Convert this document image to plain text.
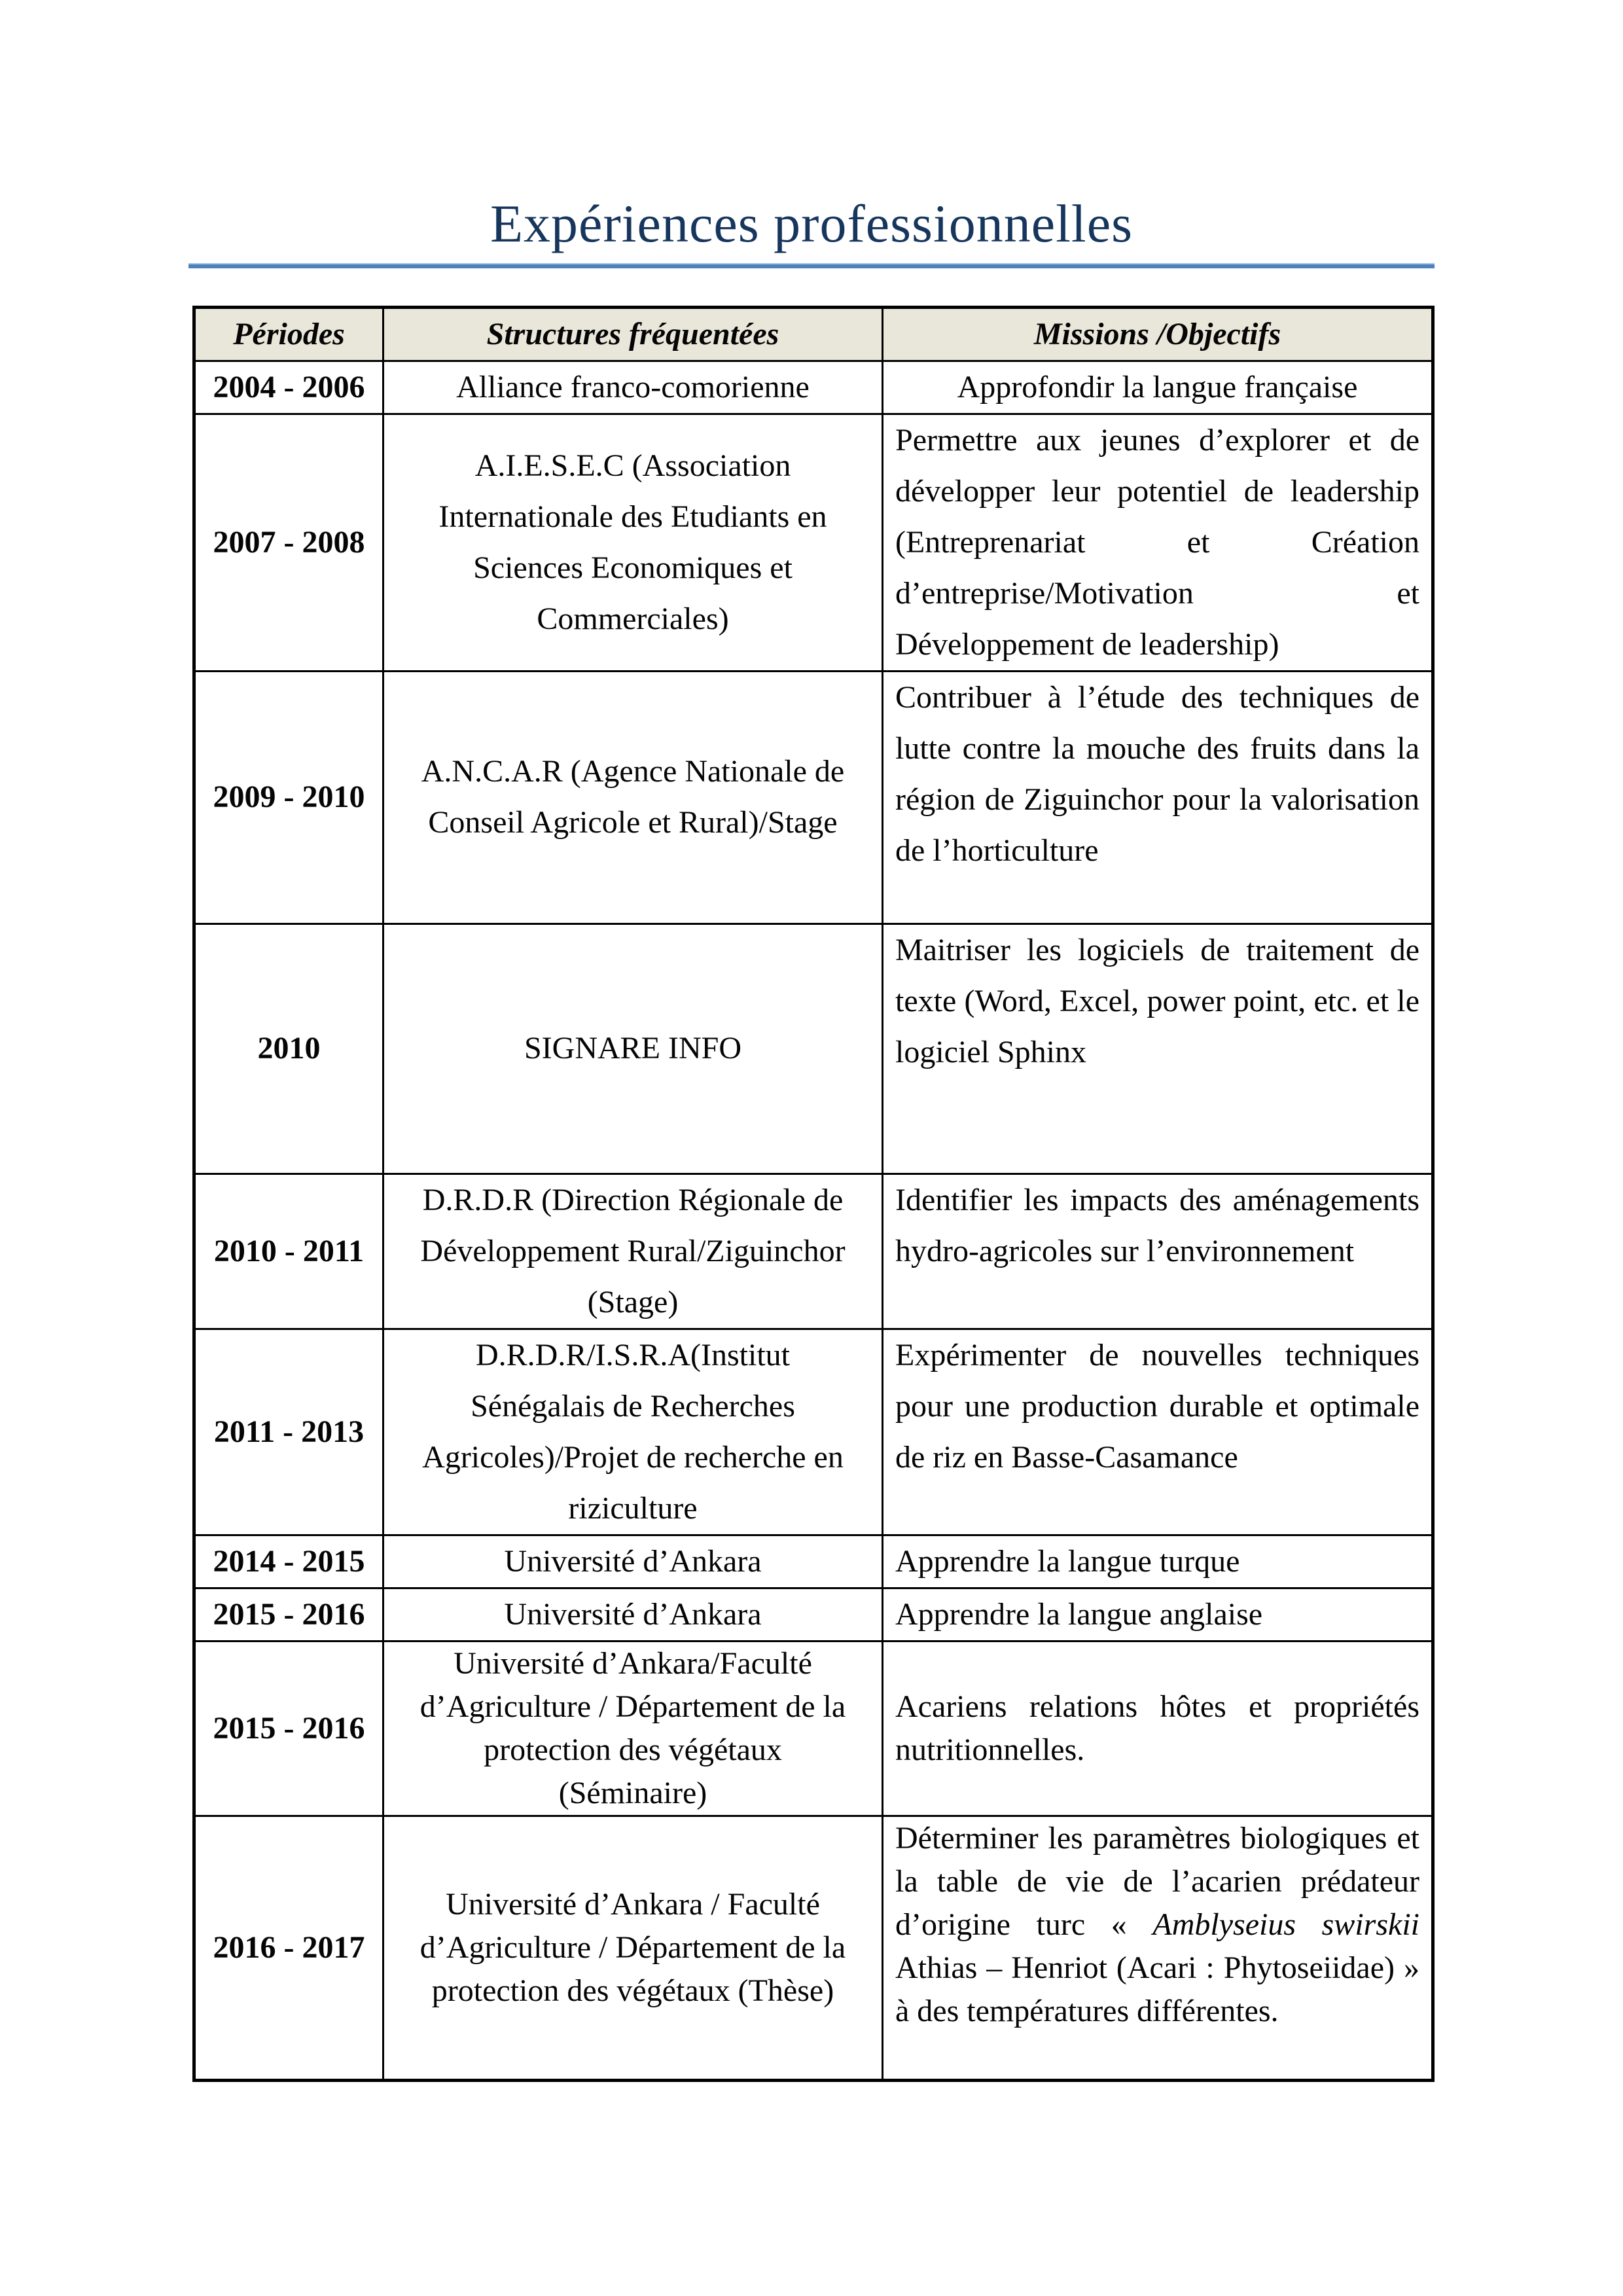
Expériences professionnelles
Périodes	Structures fréquentées	Missions /Objectifs
2004 - 2006	Alliance franco-comorienne	Approfondir la langue française
2007 - 2008	A.I.E.S.E.C (Association Internationale des Etudiants en Sciences Economiques et Commerciales)	Permettre aux jeunes d’explorer et de développer leur potentiel de leadership (Entreprenariat et Création d’entreprise/Motivation et Développement de leadership)
2009 - 2010	A.N.C.A.R (Agence Nationale de Conseil Agricole et Rural)/Stage	Contribuer à l’étude des techniques de lutte contre la mouche des fruits dans la région de Ziguinchor pour la valorisation de l’horticulture
2010	SIGNARE INFO	Maitriser les logiciels de traitement de texte (Word, Excel, power point, etc. et le logiciel Sphinx
2010 - 2011	D.R.D.R (Direction Régionale de Développement Rural/Ziguinchor (Stage)	Identifier les impacts des aménagements hydro-agricoles sur l’environnement
2011 - 2013	D.R.D.R/I.S.R.A(Institut Sénégalais de Recherches Agricoles)/Projet de recherche en riziculture	Expérimenter de nouvelles techniques pour une production durable et optimale de riz en Basse-Casamance
2014 - 2015	Université d’Ankara	Apprendre la langue turque
2015 - 2016	Université d’Ankara	Apprendre la langue anglaise
2015 - 2016	Université d’Ankara/Faculté d’Agriculture / Département de la protection des végétaux (Séminaire)	Acariens relations hôtes et propriétés nutritionnelles.
2016 - 2017	Université d’Ankara / Faculté d’Agriculture / Département de la protection des végétaux (Thèse)	Déterminer les paramètres biologiques et la table de vie de l’acarien prédateur d’origine turc « Amblyseius swirskii Athias – Henriot (Acari : Phytoseiidae) » à des températures différentes.
